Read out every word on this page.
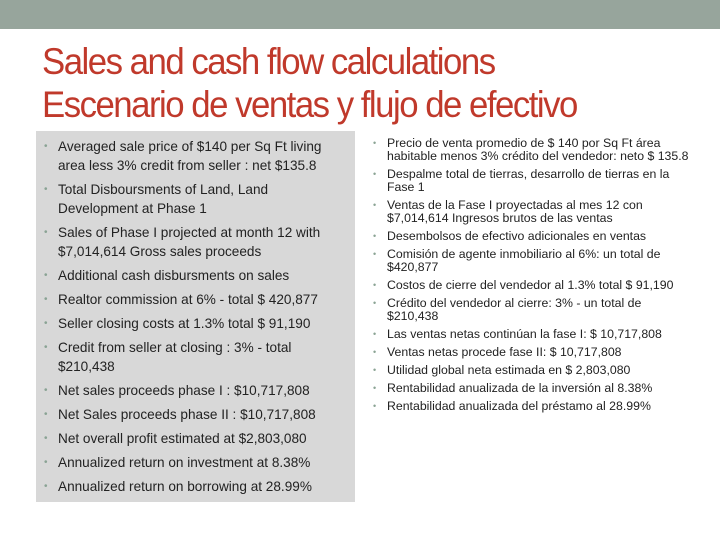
Sales and cash flow calculations
Escenario de ventas y flujo de efectivo
• Averaged sale price of $140 per Sq Ft living area less 3% credit from seller : net $135.8
• Total Disboursments of Land, Land Development at Phase 1
• Sales of Phase I projected at month 12 with $7,014,614 Gross sales proceeds
• Additional cash disbursments on sales
• Realtor commission at 6% - total $ 420,877
• Seller closing costs at 1.3% total $ 91,190
• Credit from seller at closing : 3% - total $210,438
• Net sales proceeds phase I : $10,717,808
• Net Sales proceeds phase II : $10,717,808
• Net overall profit estimated at $2,803,080
• Annualized return on investment at 8.38%
• Annualized return on borrowing at 28.99%
• Precio de venta promedio de $ 140 por Sq Ft área habitable menos 3% crédito del vendedor: neto $ 135.8
• Despalme total de tierras, desarrollo de tierras en la Fase 1
• Ventas de la Fase I proyectadas al mes 12 con $7,014,614 Ingresos brutos de las ventas
• Desembolsos de efectivo adicionales en ventas
• Comisión de agente inmobiliario al 6%: un total de $420,877
• Costos de cierre del vendedor al 1.3% total $ 91,190
• Crédito del vendedor al cierre: 3% - un total de $210,438
• Las ventas netas continúan la fase I: $ 10,717,808
• Ventas netas procede fase II: $ 10,717,808
• Utilidad global neta estimada en $ 2,803,080
• Rentabilidad anualizada de la inversión al 8.38%
• Rentabilidad anualizada del préstamo al 28.99%
